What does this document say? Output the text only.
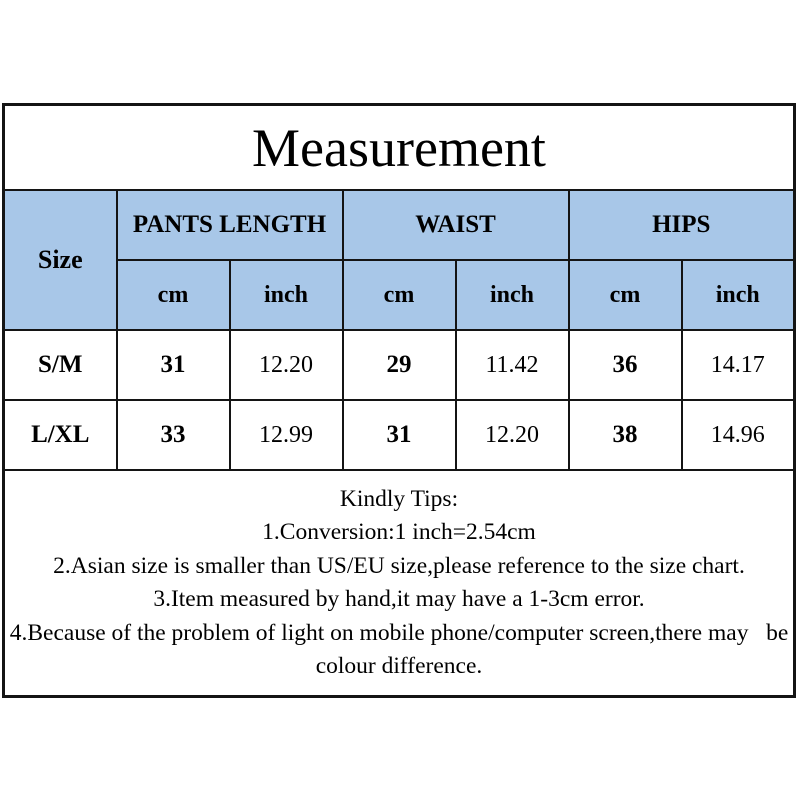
Measurement						
Size	PANTS LENGTH		WAIST		HIPS	
	cm	inch	cm	inch	cm	inch
S/M	31	12.20	29	11.42	36	14.17
L/XL	33	12.99	31	12.20	38	14.96

Kindly Tips:
1.Conversion:1 inch=2.54cm
2.Asian size is smaller than US/EU size,please reference to the size chart.
3.Item measured by hand,it may have a 1-3cm error.
4.Because of the problem of light on mobile phone/computer screen,there may   be
colour difference.
